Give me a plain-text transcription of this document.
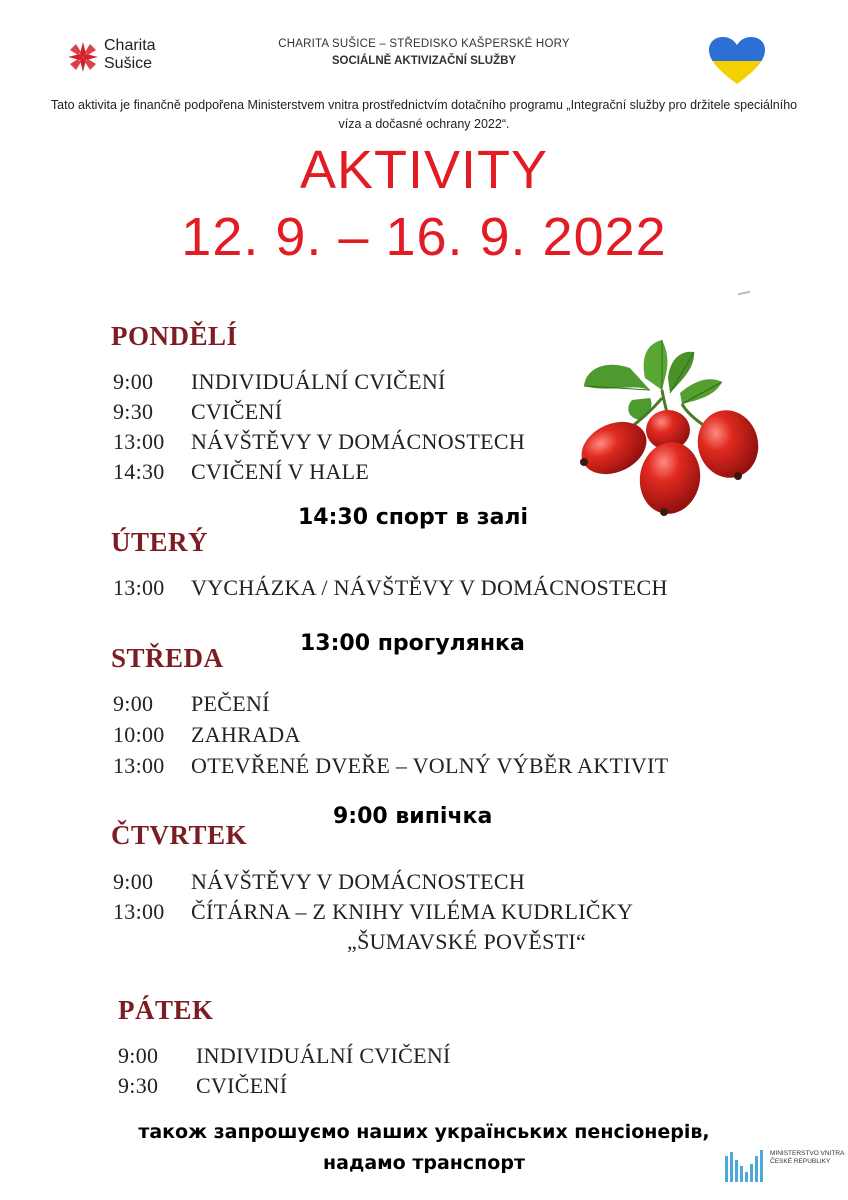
Charita
Sušice
CHARITA SUŠICE – STŘEDISKO KAŠPERSKÉ HORY
SOCIÁLNĚ AKTIVIZAČNÍ SLUŽBY
Tato aktivita je finančně podpořena Ministerstvem vnitra prostřednictvím dotačního programu „Integrační služby pro držitele speciálního víza a dočasné ochrany 2022“.
AKTIVITY
12. 9. – 16. 9. 2022
PONDĚLÍ
9:00 INDIVIDUÁLNÍ CVIČENÍ
9:30 CVIČENÍ
13:00 NÁVŠTĚVY V DOMÁCNOSTECH
14:30 CVIČENÍ V HALE
14:30 спорт в залі
ÚTERÝ
13:00 VYCHÁZKA / NÁVŠTĚVY V DOMÁCNOSTECH
13:00 прогулянка
STŘEDA
9:00 PEČENÍ
10:00 ZAHRADA
13:00 OTEVŘENÉ DVEŘE – VOLNÝ VÝBĚR AKTIVIT
9:00 випічка
ČTVRTEK
9:00 NÁVŠTĚVY V DOMÁCNOSTECH
13:00 ČÍTÁRNA – Z KNIHY VILÉMA KUDRLIČKY
„ŠUMAVSKÉ POVĚSTI“
PÁTEK
9:00 INDIVIDUÁLNÍ CVIČENÍ
9:30 CVIČENÍ
також запрошуємо наших українських пенсіонерів,
надамо транспорт	MINISTERSTVO VNITRA
ČESKÉ REPUBLIKY
